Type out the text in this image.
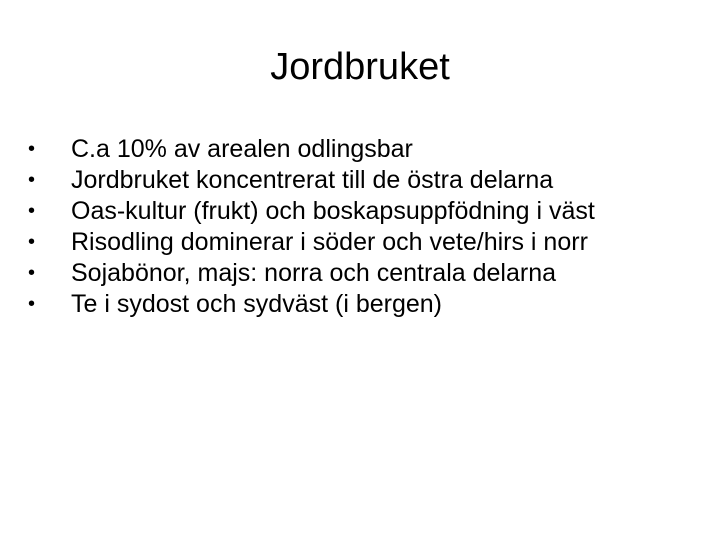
Jordbruket
• C.a 10% av arealen odlingsbar
• Jordbruket koncentrerat till de östra delarna
• Oas-kultur (frukt) och boskapsuppfödning i väst
• Risodling dominerar i söder och vete/hirs i norr
• Sojabönor, majs: norra och centrala delarna
• Te i sydost och sydväst (i bergen)
